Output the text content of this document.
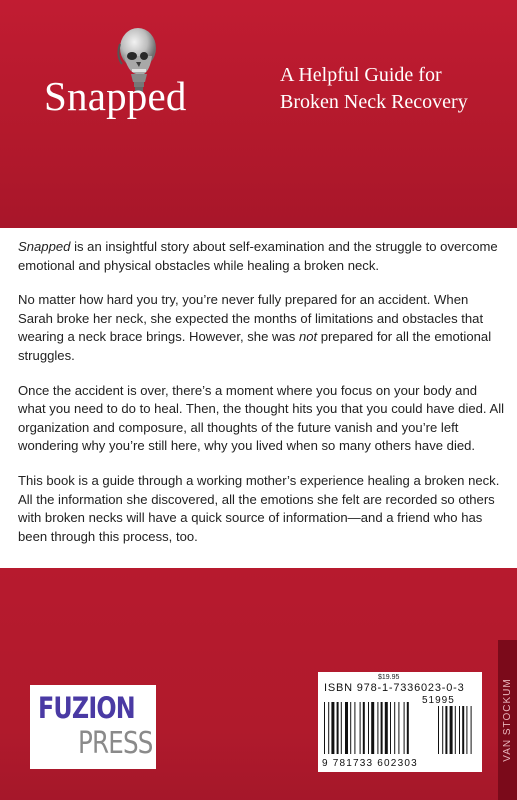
Snapped	A Helpful Guide for
Broken Neck Recovery

Snapped is an insightful story about self-examination and the struggle to overcome emotional and physical obstacles while healing a broken neck.

No matter how hard you try, you’re never fully prepared for an accident. When Sarah broke her neck, she expected the months of limitations and obstacles that wearing a neck brace brings. However, she was not prepared for all the emotional struggles.

Once the accident is over, there’s a moment where you focus on your body and what you need to do to heal. Then, the thought hits you that you could have died. All organization and composure, all thoughts of the future vanish and you’re left wondering why you’re still here, why you lived when so many others have died.

This book is a guide through a working mother’s experience healing a broken neck. All the information she discovered, all the emotions she felt are recorded so others with broken necks will have a quick source of information—and a friend who has been through this process, too.

FUZION
PRESS
$19.95
ISBN 978-1-7336023-0-3
51995
9 781733 602303
VAN STOCKUM
